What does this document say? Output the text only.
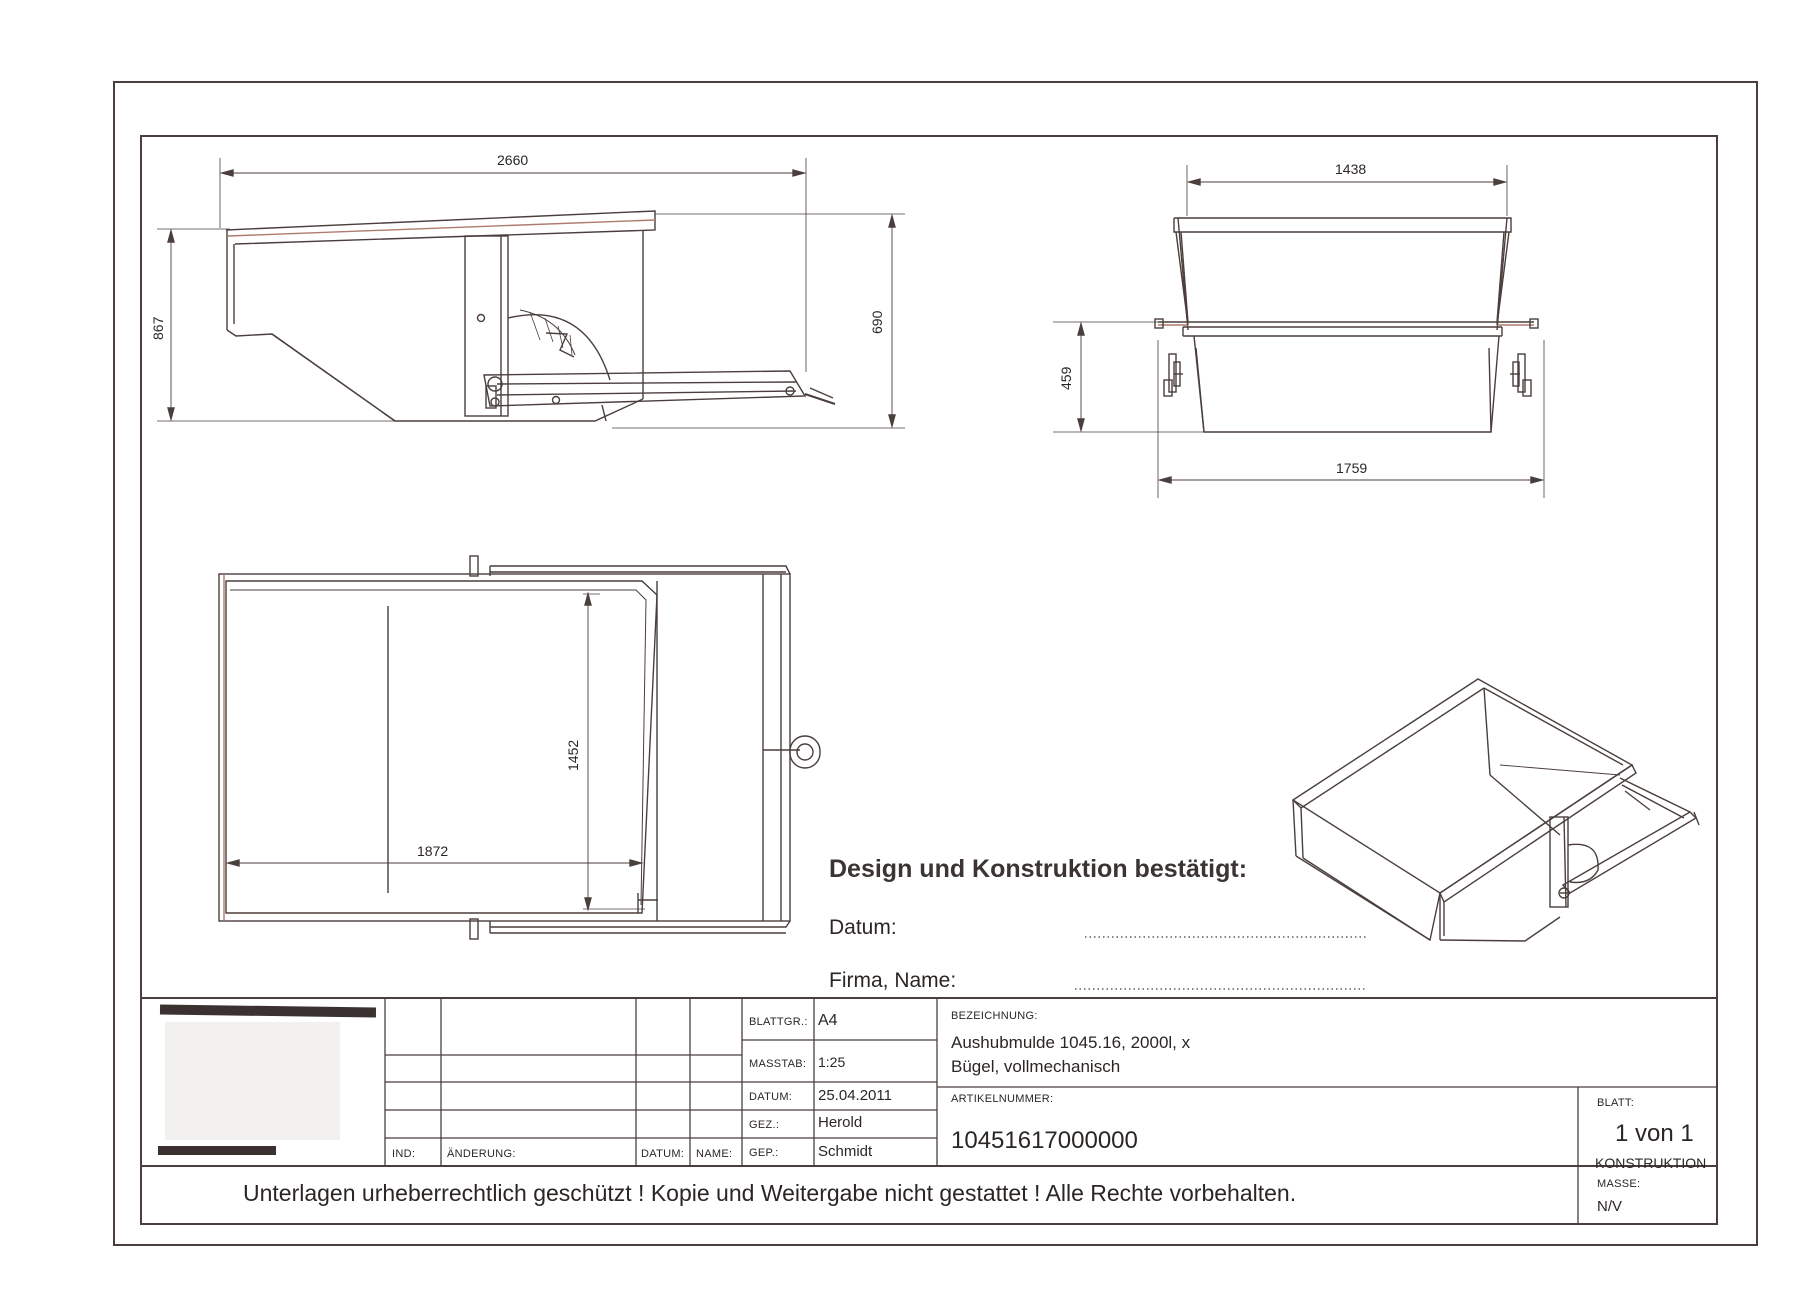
2660
867	690
1438
459
1759
1452
1872
Design und Konstruktion bestätigt:
Datum:
Firma, Name:
BLATTGR.: A4
MASSTAB: 1:25
DATUM: 25.04.2011
GEZ.:	Herold
GEP.:	Schmidt
BEZEICHNUNG:
Aushubmulde 1045.16, 2000l, x
Bügel, vollmechanisch
ARTIKELNUMMER:
10451617000000
BLATT:
1 von 1
KONSTRUKTION
MASSE:
N/V
IND:	ÄNDERUNG:	DATUM: NAME:
Unterlagen urheberrechtlich geschützt ! Kopie und Weitergabe nicht gestattet ! Alle Rechte vorbehalten.
